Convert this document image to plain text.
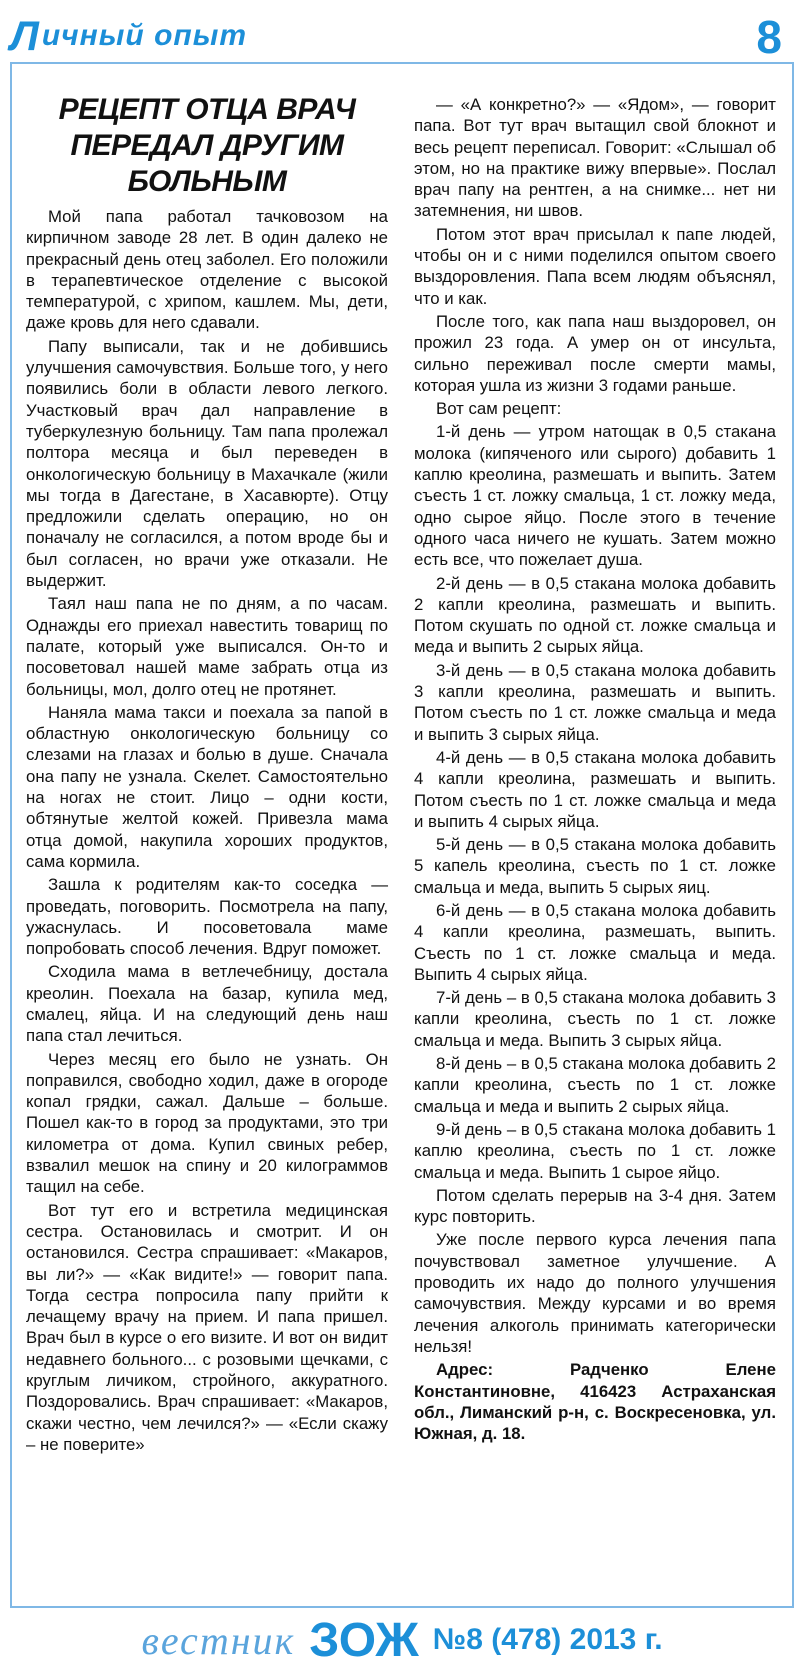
Л ичный опыт	8
РЕЦЕПТ ОТЦА ВРАЧ ПЕРЕДАЛ ДРУГИМ БОЛЬНЫМ

Мой папа работал тачковозом на кирпичном заводе 28 лет. В один далеко не прекрасный день отец заболел. Его положили в терапевтическое отделение с высокой температурой, с хрипом, кашлем. Мы, дети, даже кровь для него сдавали.

Папу выписали, так и не добившись улучшения самочувствия. Больше того, у него появились боли в области левого легкого. Участковый врач дал направление в туберкулезную больницу. Там папа пролежал полтора месяца и был переведен в онкологическую больницу в Махачкале (жили мы тогда в Дагестане, в Хасавюрте). Отцу предложили сделать операцию, но он поначалу не согласился, а потом вроде бы и был согласен, но врачи уже отказали. Не выдержит.

Таял наш папа не по дням, а по часам. Однажды его приехал навестить товарищ по палате, который уже выписался. Он-то и посоветовал нашей маме забрать отца из больницы, мол, долго отец не протянет.

Наняла мама такси и поехала за папой в областную онкологическую больницу со слезами на глазах и болью в душе. Сначала она папу не узнала. Скелет. Самостоятельно на ногах не стоит. Лицо – одни кости, обтянутые желтой кожей. Привезла мама отца домой, накупила хороших продуктов, сама кормила.

Зашла к родителям как-то соседка — проведать, поговорить. Посмотрела на папу, ужаснулась. И посоветовала маме попробовать способ лечения. Вдруг поможет.

Сходила мама в ветлечебницу, достала креолин. Поехала на базар, купила мед, смалец, яйца. И на следующий день наш папа стал лечиться.

Через месяц его было не узнать. Он поправился, свободно ходил, даже в огороде копал грядки, сажал. Дальше – больше. Пошел как-то в город за продуктами, это три километра от дома. Купил свиных ребер, взвалил мешок на спину и 20 килограммов тащил на себе.

Вот тут его и встретила медицинская сестра. Остановилась и смотрит. И он остановился. Сестра спрашивает: «Макаров, вы ли?» — «Как видите!» — говорит папа. Тогда сестра попросила папу прийти к лечащему врачу на прием. И папа пришел. Врач был в курсе о его визите. И вот он видит недавнего больного... с розовыми щечками, с круглым личиком, стройного, аккуратного. Поздоровались. Врач спрашивает: «Макаров, скажи честно, чем лечился?» — «Если скажу – не поверите»

— «А конкретно?» — «Ядом», — говорит папа. Вот тут врач вытащил свой блокнот и весь рецепт переписал. Говорит: «Слышал об этом, но на практике вижу впервые». Послал врач папу на рентген, а на снимке... нет ни затемнения, ни швов.

Потом этот врач присылал к папе людей, чтобы он и с ними поделился опытом своего выздоровления. Папа всем людям объяснял, что и как.

После того, как папа наш выздоровел, он прожил 23 года. А умер он от инсульта, сильно переживал после смерти мамы, которая ушла из жизни 3 годами раньше.

Вот сам рецепт:

1-й день — утром натощак в 0,5 стакана молока (кипяченого или сырого) добавить 1 каплю креолина, размешать и выпить. Затем съесть 1 ст. ложку смальца, 1 ст. ложку меда, одно сырое яйцо. После этого в течение одного часа ничего не кушать. Затем можно есть все, что пожелает душа.

2-й день — в 0,5 стакана молока добавить 2 капли креолина, размешать и выпить. Потом скушать по одной ст. ложке смальца и меда и выпить 2 сырых яйца.

3-й день — в 0,5 стакана молока добавить 3 капли креолина, размешать и выпить. Потом съесть по 1 ст. ложке смальца и меда и выпить 3 сырых яйца.

4-й день — в 0,5 стакана молока добавить 4 капли креолина, размешать и выпить. Потом съесть по 1 ст. ложке смальца и меда и выпить 4 сырых яйца.

5-й день — в 0,5 стакана молока добавить 5 капель креолина, съесть по 1 ст. ложке смальца и меда, выпить 5 сырых яиц.

6-й день — в 0,5 стакана молока добавить 4 капли креолина, размешать, выпить. Съесть по 1 ст. ложке смальца и меда. Выпить 4 сырых яйца.

7-й день – в 0,5 стакана молока добавить 3 капли креолина, съесть по 1 ст. ложке смальца и меда. Выпить 3 сырых яйца.

8-й день – в 0,5 стакана молока добавить 2 капли креолина, съесть по 1 ст. ложке смальца и меда и выпить 2 сырых яйца.

9-й день – в 0,5 стакана молока добавить 1 каплю креолина, съесть по 1 ст. ложке смальца и меда. Выпить 1 сырое яйцо.

Потом сделать перерыв на 3-4 дня. Затем курс повторить.

Уже после первого курса лечения папа почувствовал заметное улучшение. А проводить их надо до полного улучшения самочувствия. Между курсами и во время лечения алкоголь принимать категорически нельзя!

Адрес: Радченко Елене Константиновне, 416423 Астраханская обл., Лиманский р-н, с. Воскресеновка, ул. Южная, д. 18.

вестник ЗОЖ №8 (478) 2013 г.
